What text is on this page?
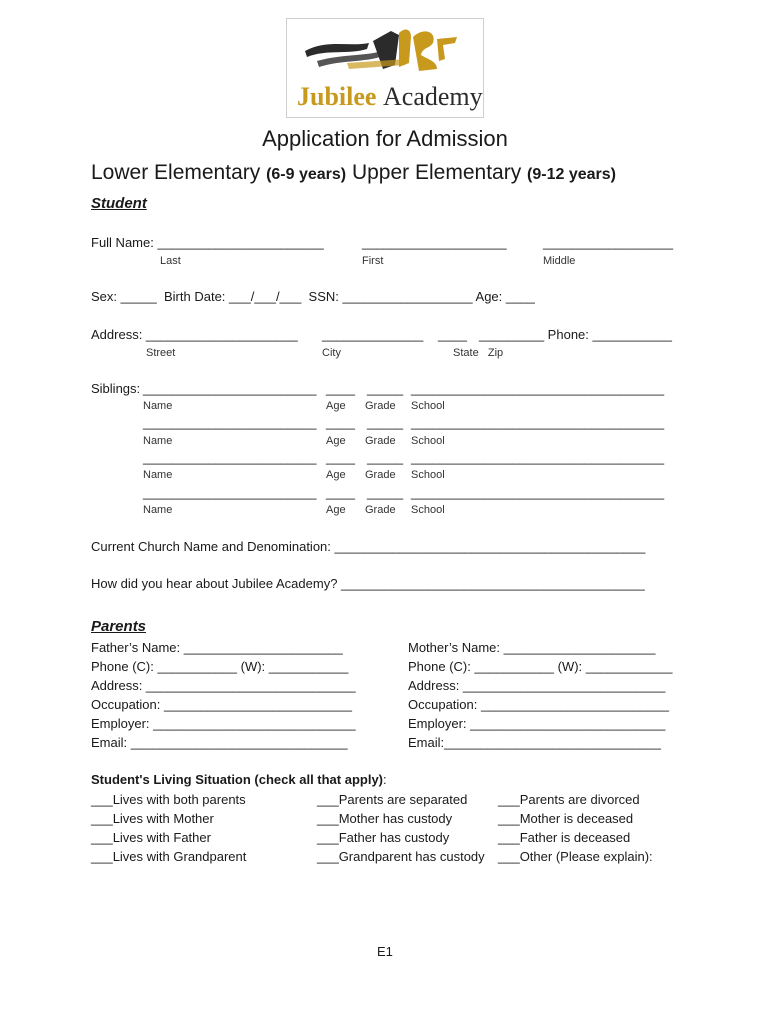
Jubilee Academy
Application for Admission
Lower Elementary (6-9 years) Upper Elementary (9-12 years)
Student
Full Name: _______________________	____________________	__________________
Last	First	Middle
Sex: _____  Birth Date: ___/___/___  SSN: __________________ Age: ____
Address: _____________________ ______________ ____ _________ Phone: ___________
Street	City	State   Zip
Siblings: ________________________ ____ _____ ___________________________________
Name	Age Grade School
________________________ ____ _____ ___________________________________
Name	Age Grade School
________________________ ____ _____ ___________________________________
Name	Age Grade School
________________________ ____ _____ ___________________________________
Name	Age Grade School
Current Church Name and Denomination: ___________________________________________
How did you hear about Jubilee Academy? __________________________________________
Parents
Father’s Name: ______________________
Phone (C): ___________ (W): ___________
Address: _____________________________
Occupation: __________________________
Employer: ____________________________
Email: ______________________________
Mother’s Name: _____________________
Phone (C): ___________ (W): ____________
Address: ____________________________
Occupation: __________________________
Employer: ___________________________
Email:______________________________
Student's Living Situation (check all that apply):
___Lives with both parents
___Lives with Mother
___Lives with Father
___Lives with Grandparent
___Parents are separated
___Mother has custody
___Father has custody
___Grandparent has custody
___Parents are divorced
___Mother is deceased
___Father is deceased
___Other (Please explain):
E1
